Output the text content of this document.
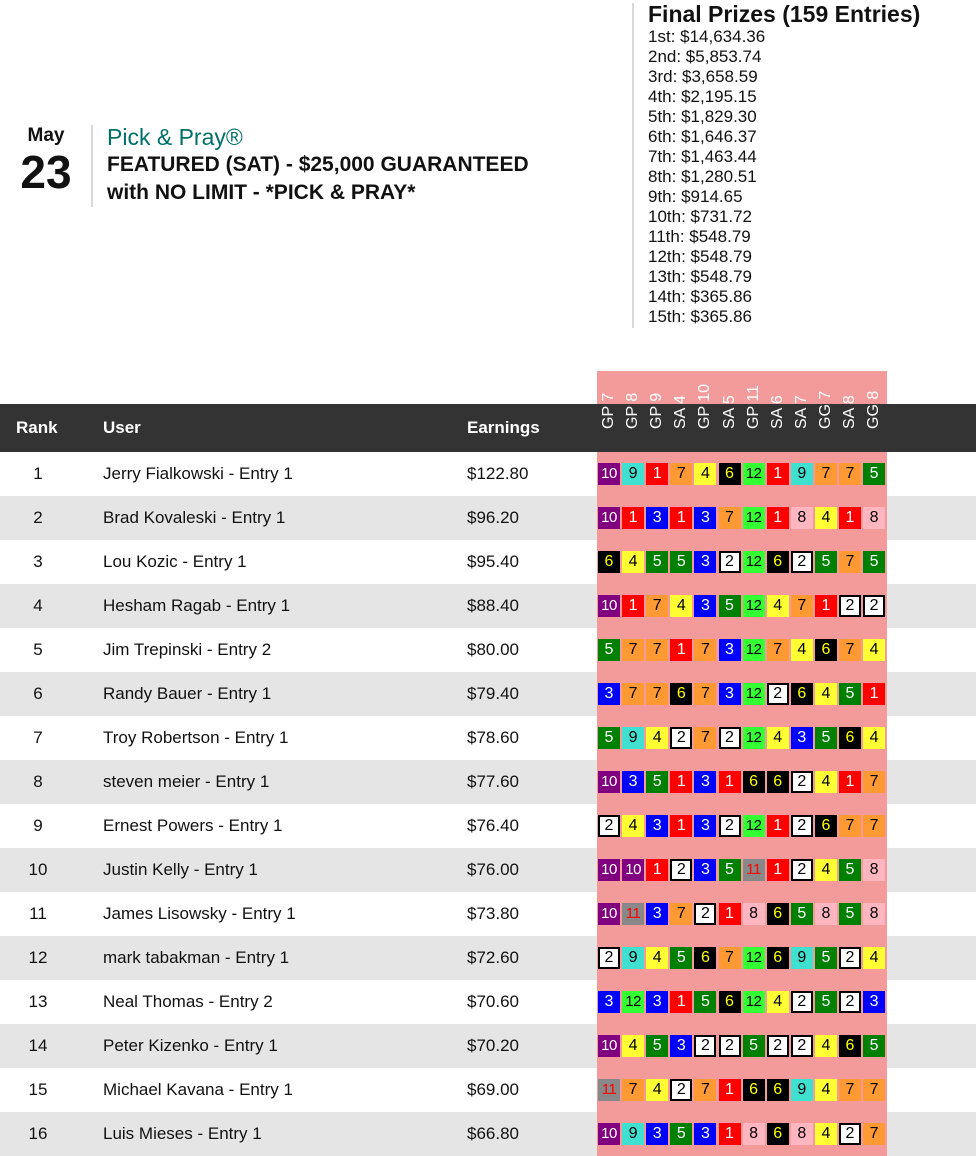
May
23
Pick & Pray®
FEATURED (SAT) - $25,000 GUARANTEED
with NO LIMIT - *PICK & PRAY*
Final Prizes (159 Entries)
1st: $14,634.36
2nd: $5,853.74
3rd: $3,658.59
4th: $2,195.15
5th: $1,829.30
6th: $1,646.37
7th: $1,463.44
8th: $1,280.51
9th: $914.65
10th: $731.72
11th: $548.79
12th: $548.79
13th: $548.79
14th: $365.86
15th: $365.86
Rank	User	Earnings	GP 7 GP 8 GP 9 SA 4 GP 10 SA 5 GP 11 SA 6 SA 7 GG 7 SA 8 GG 8
1	Jerry Fialkowski - Entry 1	$122.80	10 9 1 7 4 6 12 1 9 7 7 5
2	Brad Kovaleski - Entry 1	$96.20	10 1 3 1 3 7 12 1 8 4 1 8
3	Lou Kozic - Entry 1	$95.40	6 4 5 5 3 2 12 6 2 5 7 5
4	Hesham Ragab - Entry 1	$88.40	10 1 7 4 3 5 12 4 7 1 2 2
5	Jim Trepinski - Entry 2	$80.00	5 7 7 1 7 3 12 7 4 6 7 4
6	Randy Bauer - Entry 1	$79.40	3 7 7 6 7 3 12 2 6 4 5 1
7	Troy Robertson - Entry 1	$78.60	5 9 4 2 7 2 12 4 3 5 6 4
8	steven meier - Entry 1	$77.60	10 3 5 1 3 1 6 6 2 4 1 7
9	Ernest Powers - Entry 1	$76.40	2 4 3 1 3 2 12 1 2 6 7 7
10	Justin Kelly - Entry 1	$76.00	10 10 1 2 3 5 11 1 2 4 5 8
11	James Lisowsky - Entry 1	$73.80	10 11 3 7 2 1 8 6 5 8 5 8
12	mark tabakman - Entry 1	$72.60	2 9 4 5 6 7 12 6 9 5 2 4
13	Neal Thomas - Entry 2	$70.60	3 12 3 1 5 6 12 4 2 5 2 3
14	Peter Kizenko - Entry 1	$70.20	10 4 5 3 2 2 5 2 2 4 6 5
15	Michael Kavana - Entry 1	$69.00	11 7 4 2 7 1 6 6 9 4 7 7
16	Luis Mieses - Entry 1	$66.80	10 9 3 5 3 1 8 6 8 4 2 7
